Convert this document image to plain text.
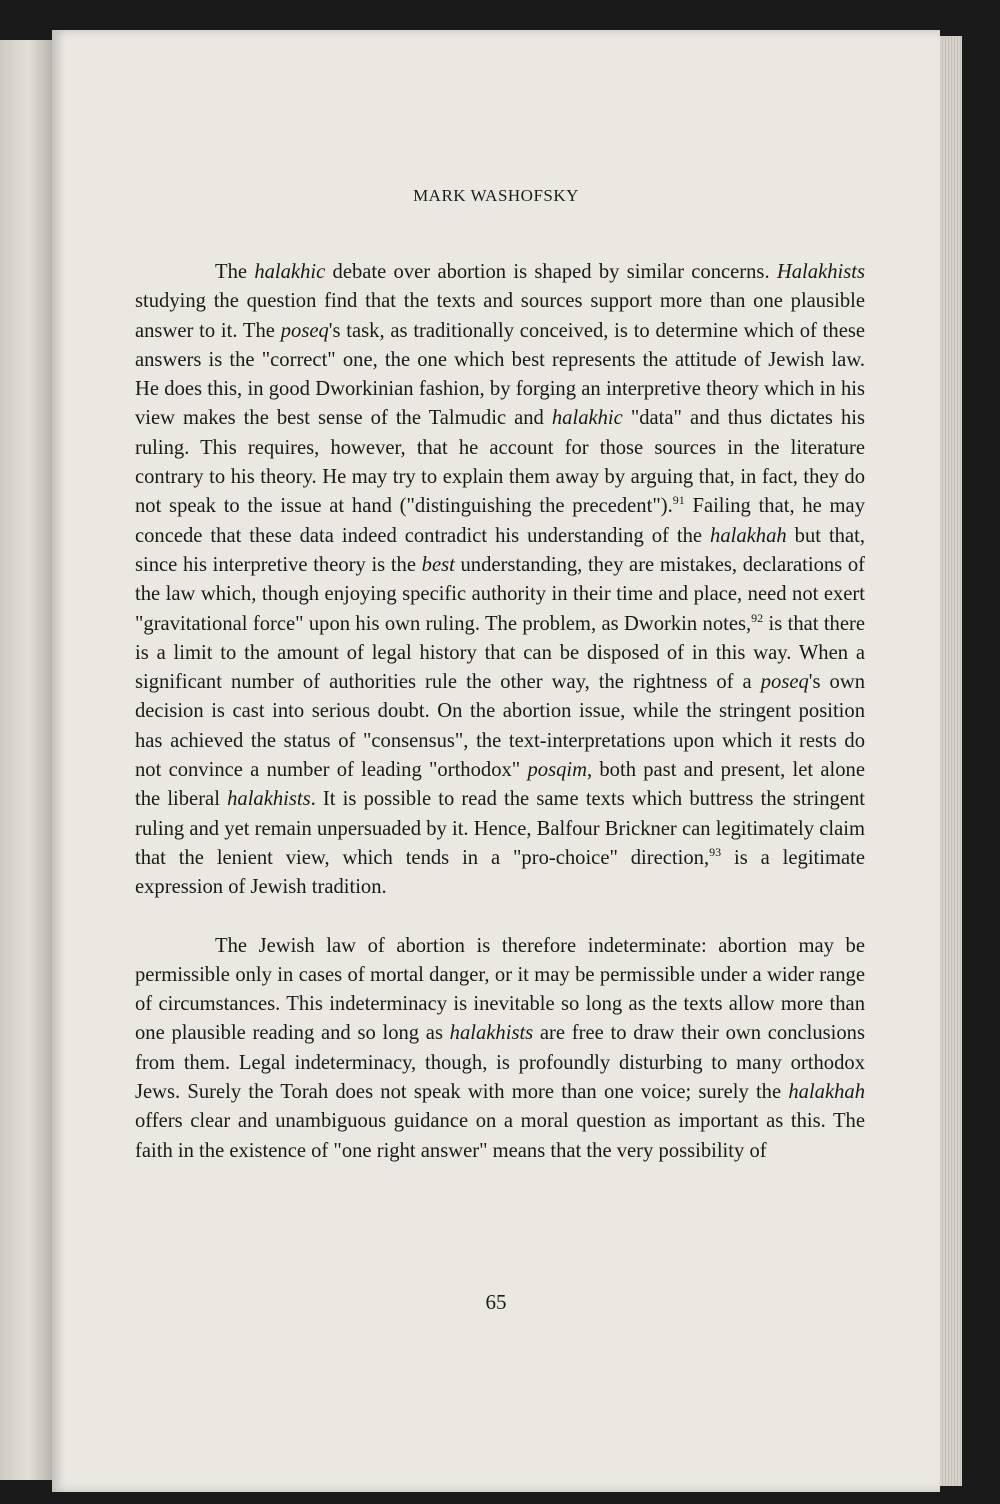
MARK WASHOFSKY

The halakhic debate over abortion is shaped by similar concerns. Halakhists studying the question find that the texts and sources support more than one plausible answer to it. The poseq's task, as traditionally conceived, is to determine which of these answers is the "correct" one, the one which best represents the attitude of Jewish law. He does this, in good Dworkinian fashion, by forging an interpretive theory which in his view makes the best sense of the Talmudic and halakhic "data" and thus dictates his ruling. This requires, however, that he account for those sources in the literature contrary to his theory. He may try to explain them away by arguing that, in fact, they do not speak to the issue at hand ("distinguishing the precedent").$^{91}$ Failing that, he may concede that these data indeed contradict his understanding of the halakhah but that, since his interpretive theory is the best understanding, they are mistakes, declarations of the law which, though enjoying specific authority in their time and place, need not exert "gravitational force" upon his own ruling. The problem, as Dworkin notes,$^{92}$ is that there is a limit to the amount of legal history that can be disposed of in this way. When a significant number of authorities rule the other way, the rightness of a poseq's own decision is cast into serious doubt. On the abortion issue, while the stringent position has achieved the status of "consensus", the text-interpretations upon which it rests do not convince a number of leading "orthodox" posqim, both past and present, let alone the liberal halakhists. It is possible to read the same texts which buttress the stringent ruling and yet remain unpersuaded by it. Hence, Balfour Brickner can legitimately claim that the lenient view, which tends in a "pro-choice" direction,$^{93}$ is a legitimate expression of Jewish tradition.

The Jewish law of abortion is therefore indeterminate: abortion may be permissible only in cases of mortal danger, or it may be permissible under a wider range of circumstances. This indeterminacy is inevitable so long as the texts allow more than one plausible reading and so long as halakhists are free to draw their own conclusions from them. Legal indeterminacy, though, is profoundly disturbing to many orthodox Jews. Surely the Torah does not speak with more than one voice; surely the halakhah offers clear and unambiguous guidance on a moral question as important as this. The faith in the existence of "one right answer" means that the very possibility of

65
